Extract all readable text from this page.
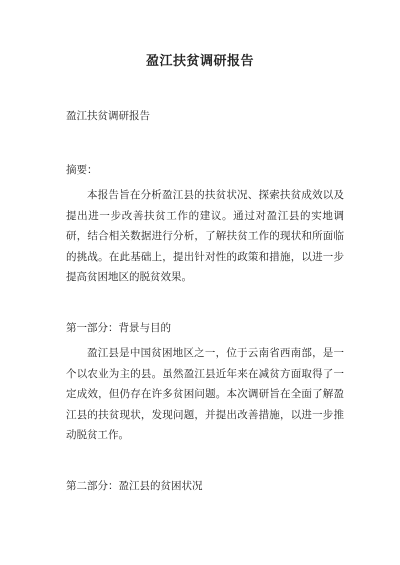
盈江扶贫调研报告

盈江扶贫调研报告

摘要：

本报告旨在分析盈江县的扶贫状况、探索扶贫成效以及提出进一步改善扶贫工作的建议。通过对盈江县的实地调研，结合相关数据进行分析，了解扶贫工作的现状和所面临的挑战。在此基础上，提出针对性的政策和措施，以进一步提高贫困地区的脱贫效果。

第一部分：背景与目的

盈江县是中国贫困地区之一，位于云南省西南部，是一个以农业为主的县。虽然盈江县近年来在减贫方面取得了一定成效，但仍存在许多贫困问题。本次调研旨在全面了解盈江县的扶贫现状，发现问题，并提出改善措施，以进一步推动脱贫工作。

第二部分：盈江县的贫困状况
